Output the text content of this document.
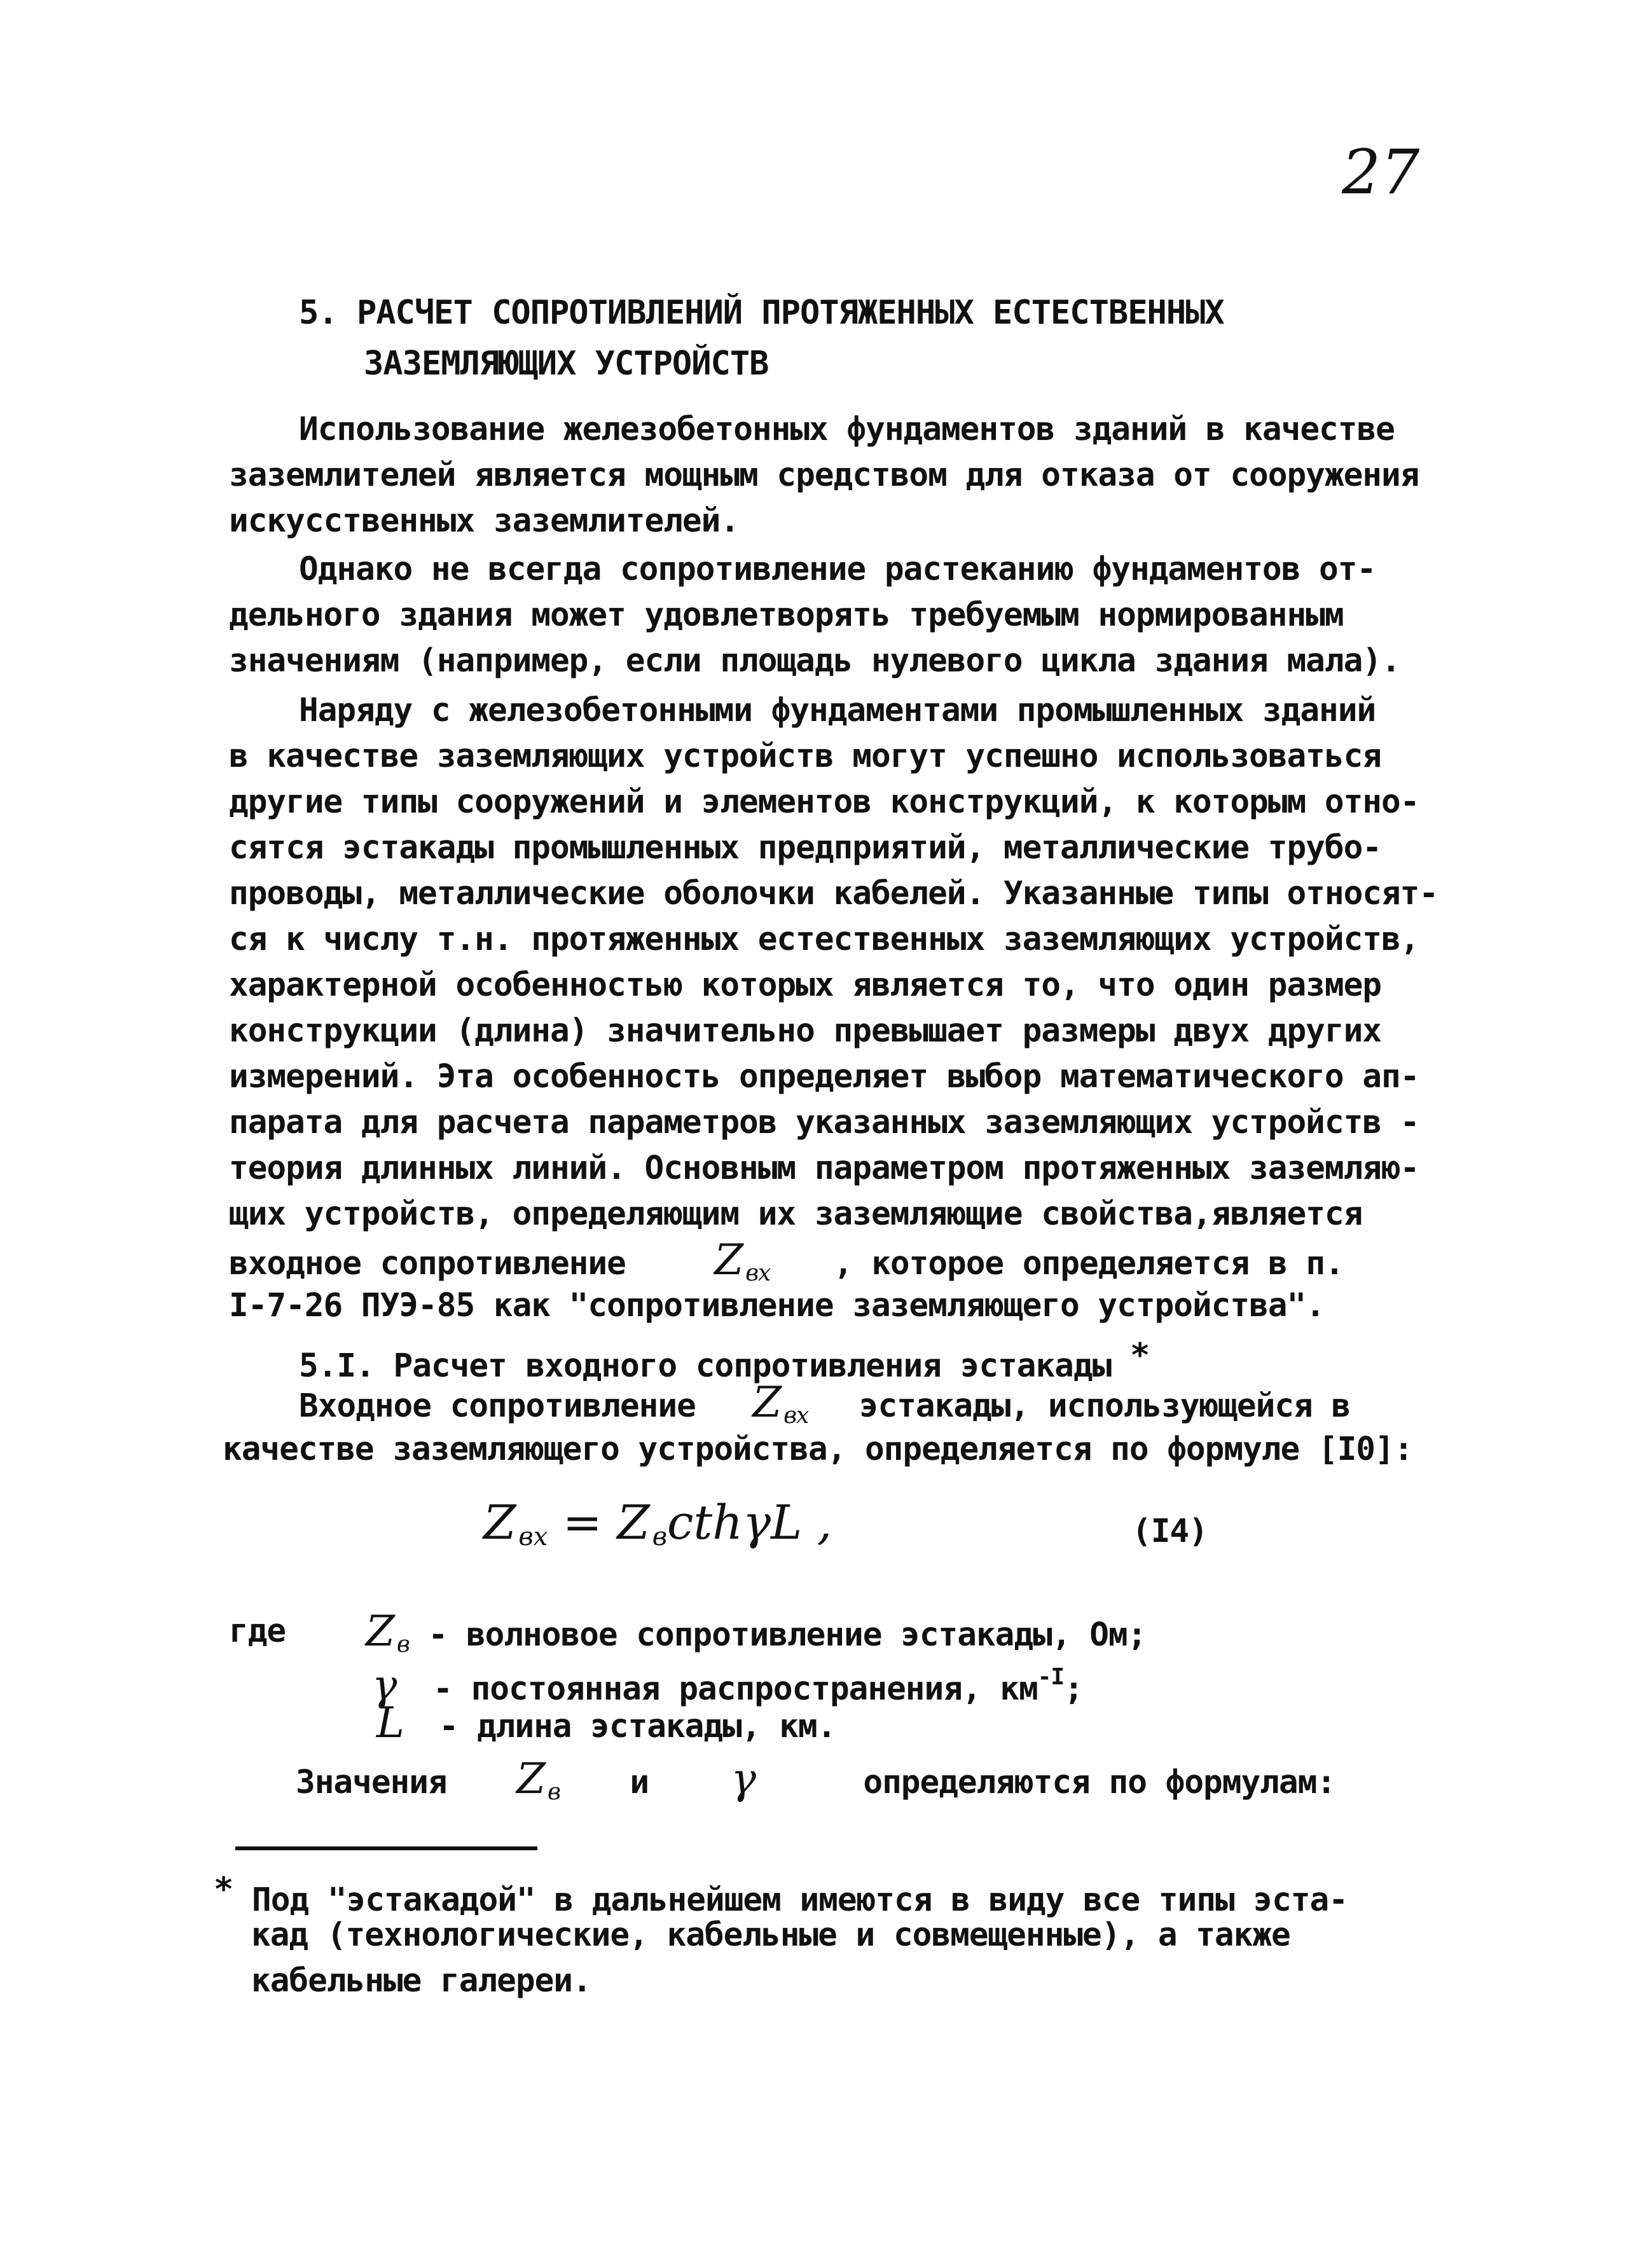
27
5. РАСЧЕТ СОПРОТИВЛЕНИЙ ПРОТЯЖЕННЫХ ЕСТЕСТВЕННЫХ
ЗАЗЕМЛЯЮЩИХ УСТРОЙСТВ
Использование железобетонных фундаментов зданий в качестве
заземлителей является мощным средством для отказа от сооружения
искусственных заземлителей.
Однако не всегда сопротивление растеканию фундаментов от-
дельного здания может удовлетворять требуемым нормированным
значениям (например, если площадь нулевого цикла здания мала).
Наряду с железобетонными фундаментами промышленных зданий
в качестве заземляющих устройств могут успешно использоваться
другие типы сооружений и элементов конструкций, к которым отно-
сятся эстакады промышленных предприятий, металлические трубо-
проводы, металлические оболочки кабелей. Указанные типы относят-
ся к числу т.н. протяженных естественных заземляющих устройств,
характерной особенностью которых является то, что один размер
конструкции (длина) значительно превышает размеры двух других
измерений. Эта особенность определяет выбор математического ап-
парата для расчета параметров указанных заземляющих устройств -
теория длинных линий. Основным параметром протяженных заземляю-
щих устройств, определяющим их заземляющие свойства,является
входное сопротивление Z $_{вх}$ , которое определяется в п.
I-7-26 ПУЭ-85 как "сопротивление заземляющего устройства".
5.I. Расчет входного сопротивления эстакады *
Входное сопротивление Z $_{вх}$ эстакады, использующейся в
качестве заземляющего устройства, определяется по формуле [I0]:
Z $_{вх}$ = Z $_в$cthγL ,	(I4)
где Z $_в$ - волновое сопротивление эстакады, Ом;
γ - постоянная распространения, $км^{-I}$;
L - длина эстакады, км.
Значения Z $_в$ и γ	определяются по формулам:
* Под "эстакадой" в дальнейшем имеются в виду все типы эста-
кад (технологические, кабельные и совмещенные), а также
кабельные галереи.
